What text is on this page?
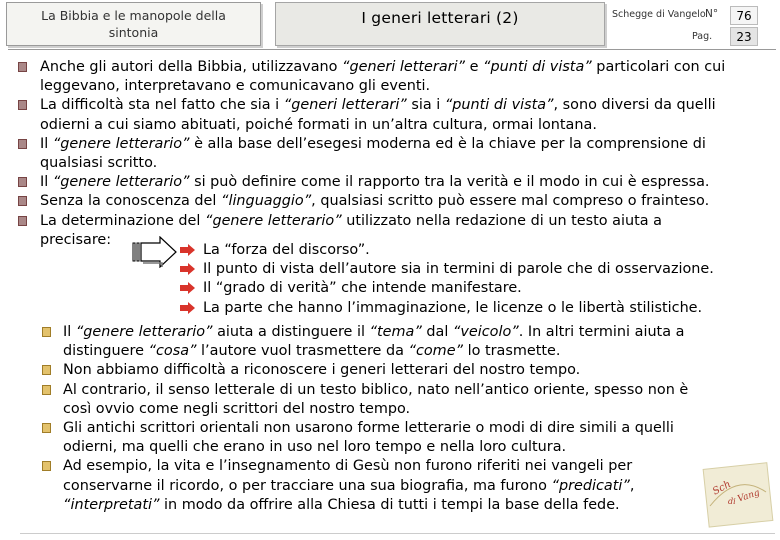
La Bibbia e le manopole della
sintonia
I generi letterari (2)	Schegge di Vangelo N°
Pag.
76
23
Anche gli autori della Bibbia, utilizzavano “generi letterari” e “punti di vista” particolari con cui leggevano, interpretavano e comunicavano gli eventi.
La difficoltà sta nel fatto che sia i “generi letterari” sia i “punti di vista”, sono diversi da quelli odierni a cui siamo abituati, poiché formati in un’altra cultura, ormai lontana.
Il “genere letterario” è alla base dell’esegesi moderna ed è la chiave per la comprensione di qualsiasi scritto.
Il “genere letterario” si può definire come il rapporto tra la verità e il modo in cui è espressa.
Senza la conoscenza del “linguaggio”, qualsiasi scritto può essere mal compreso o frainteso.
La determinazione del “genere letterario” utilizzato nella redazione di un testo aiuta a precisare:
La “forza del discorso”.
Il punto di vista dell’autore sia in termini di parole che di osservazione.
Il “grado di verità” che intende manifestare.
La parte che hanno l’immaginazione, le licenze o le libertà stilistiche.
Il “genere letterario” aiuta a distinguere il “tema” dal “veicolo”. In altri termini aiuta a distinguere “cosa” l’autore vuol trasmettere da “come” lo trasmette.
Non abbiamo difficoltà a riconoscere i generi letterari del nostro tempo.
Al contrario, il senso letterale di un testo biblico, nato nell’antico oriente, spesso non è così ovvio come negli scrittori del nostro tempo.
Gli antichi scrittori orientali non usarono forme letterarie o modi di dire simili a quelli odierni, ma quelli che erano in uso nel loro tempo e nella loro cultura.
Ad esempio, la vita e l’insegnamento di Gesù non furono riferiti nei vangeli per conservarne il ricordo, o per tracciare una sua biografia, ma furono “predicati”, “interpretati” in modo da offrire alla Chiesa di tutti i tempi la base della fede.
Sch
di Vang
